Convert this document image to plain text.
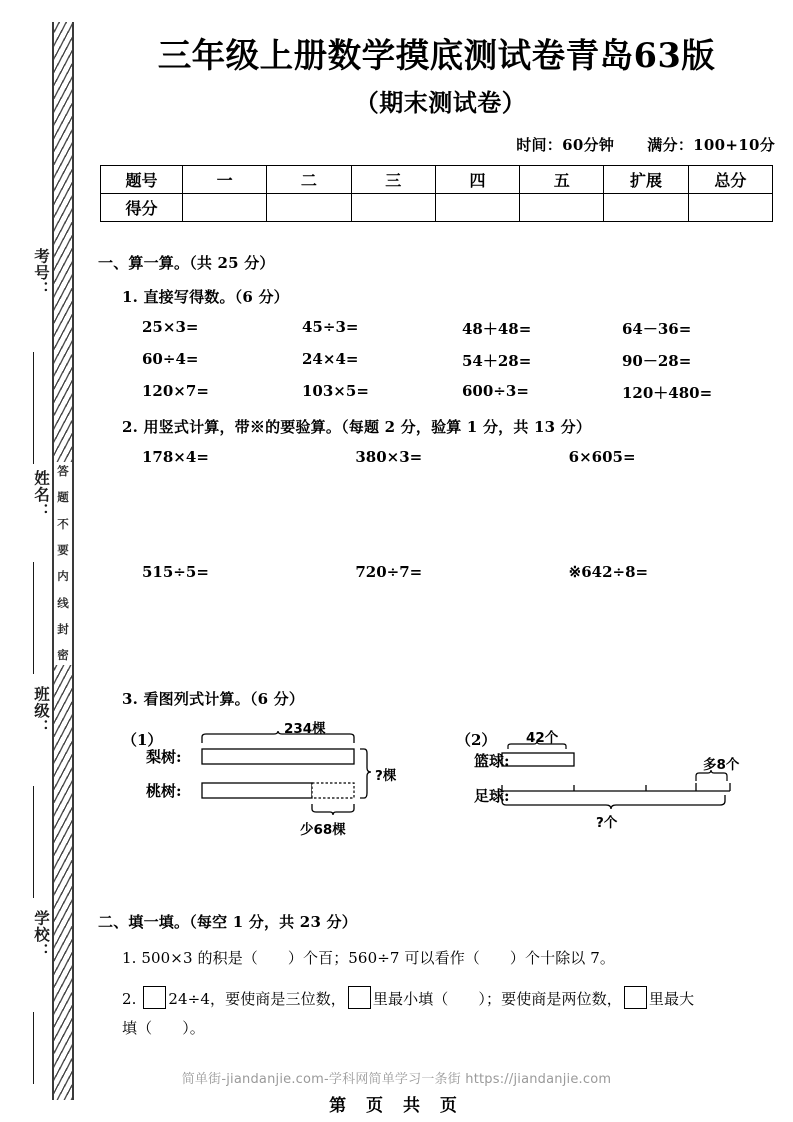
答
题
不
要
内
线
封
密
考号：
姓名：
班级：
学校：
三年级上册数学摸底测试卷青岛63版
（期末测试卷）
时间：60分钟 满分：100+10分
题号	一	二	三	四	五	扩展	总分
得分							
一、算一算。（共 25 分）
1. 直接写得数。（6 分）
25×3=	45÷3=	48＋48=	64－36=
60÷4=	24×4=	54＋28=	90－28=
120×7=	103×5=	600÷3=	120＋480=
2. 用竖式计算，带※的要验算。（每题 2 分，验算 1 分，共 13 分）
178×4=	380×3=	6×605=
515÷5=	720÷7=	※642÷8=
3. 看图列式计算。（6 分）
（1）
234棵
梨树:
桃树:
?棵
少68棵
（2） 42个
篮球:
足球:
多8个
?个
二、填一填。（每空 1 分，共 23 分）
1. 500×3 的积是（ ）个百；560÷7 可以看作（ ）个十除以 7。
2. 24÷4，要使商是三位数， 里最小填（ ）；要使商是两位数， 里最大
填（ ）。
简单街-jiandanjie.com-学科网简单学习一条街 https://jiandanjie.com
第 页 共 页
